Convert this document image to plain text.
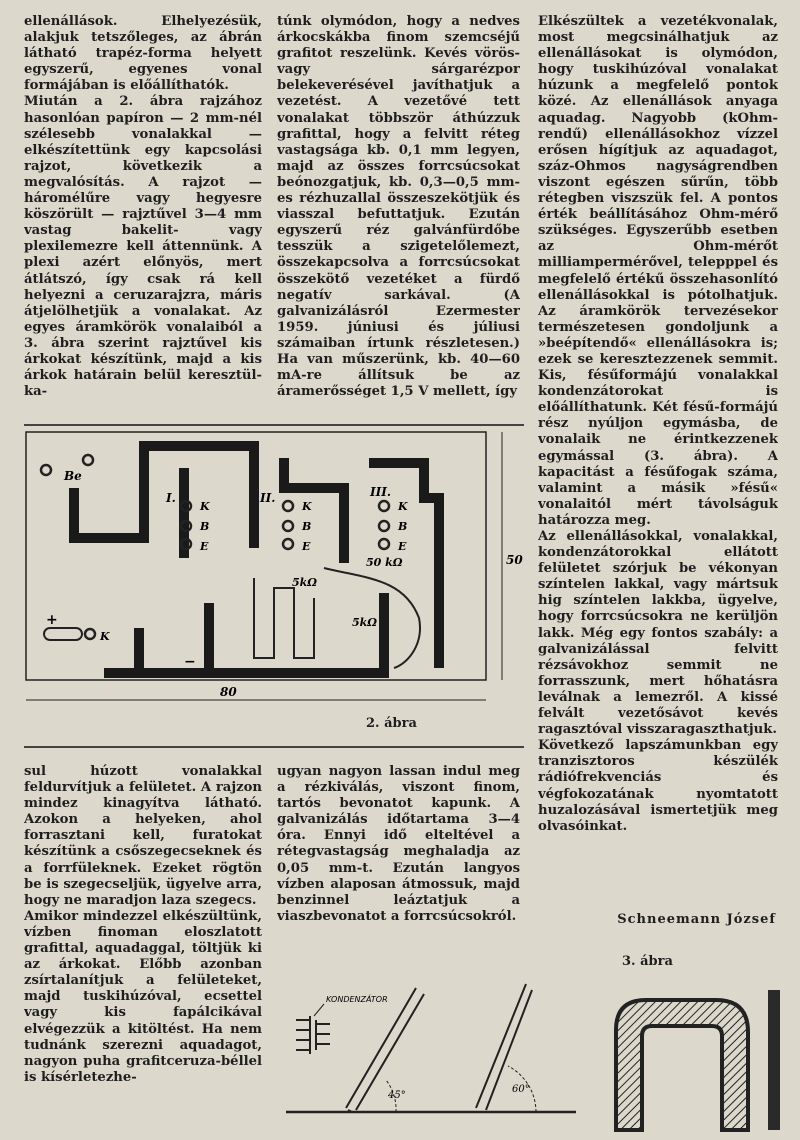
ellenállások. Elhelyezésük, alakjuk tetszőleges, az ábrán látható trapéz-forma helyett egyszerű, egyenes vonal formájában is előállíthatók.
Miután a 2. ábra rajzához hasonlóan papíron — 2 mm-nél szélesebb vonalakkal — elkészítettünk egy kapcsolási rajzot, következik a megvalósítás. A rajzot — háromélűre vagy hegyesre köszörült — rajztűvel 3—4 mm vastag bakelit- vagy plexilemezre kell áttennünk. A plexi azért előnyös, mert átlátszó, így csak rá kell helyezni a ceruzarajzra, máris átjelölhetjük a vonalakat. Az egyes áramkörök vonalaiból a 3. ábra szerint rajztűvel kis árkokat készítünk, majd a kis árkok határain belül keresztül-ka-
túnk olymódon, hogy a nedves árkocskákba finom szemcséjű grafitot reszelünk. Kevés vörös- vagy sárgarézpor belekeverésével javíthatjuk a vezetést. A vezetővé tett vonalakat többször áthúzzuk grafittal, hogy a felvitt réteg vastagsága kb. 0,1 mm legyen, majd az összes forrcsúcsokat beónozgatjuk, kb. 0,3—0,5 mm-es rézhuzallal összeszekötjük és viasszal befuttatjuk. Ezután egyszerű réz galvánfürdőbe tesszük a szigetelőlemezt, összekapcsolva a forrcsúcsokat összekötő vezetéket a fürdő negatív sarkával. (A galvanizálásról Ezermester 1959. júniusi és júliusi számaiban írtunk részletesen.) Ha van műszerünk, kb. 40—60 mA-re állítsuk be az áramerősséget 1,5 V mellett, így
Elkészültek a vezetékvonalak, most megcsinálhatjuk az ellenállásokat is olymódon, hogy tuskihúzóval vonalakat húzunk a megfelelő pontok közé. Az ellenállások anyaga aquadag. Nagyobb (kOhm-rendű) ellenállásokhoz vízzel erősen hígítjuk az aquadagot, száz-Ohmos nagyságrendben viszont egészen sűrűn, több rétegben viszszük fel. A pontos érték beállításához Ohm-mérő szükséges. Egyszerűbb esetben az Ohm-mérőt milliampermérővel, telepppel és megfelelő értékű összehasonlító ellenállásokkal is pótolhatjuk. Az áramkörök tervezésekor természetesen gondoljunk a »beépítendő« ellenállásokra is; ezek se keresztezzenek semmit. Kis, fésűformájú vonalakkal kondenzátorokat is előállíthatunk. Két fésű-formájú rész nyúljon egymásba, de vonalaik ne érintkezzenek egymással (3. ábra). A kapacitást a fésűfogak száma, valamint a másik »fésű« vonalaitól mért távolságuk határozza meg.
Az ellenállásokkal, vonalakkal, kondenzátorokkal ellátott felületet szórjuk be vékonyan színtelen lakkal, vagy mártsuk hig színtelen lakkba, ügyelve, hogy forrcsúcsokra ne kerüljön lakk. Még egy fontos szabály: a galvanizálással felvitt rézsávokhoz semmit ne forrasszunk, mert hőhatásra leválnak a lemezről. A kissé felvált vezetősávot kevés ragasztóval visszaragaszthatjuk.
Következő lapszámunkban egy tranzisztoros készülék rádiófrekvenciás és végfokozatának nyomtatott huzalozásával ismertetjük meg olvasóinkat.
80
50
Be
I.	II.	III.
K
B
E
K
B
E
K
B
E
5kΩ
5kΩ
50 kΩ
+
K
−
2. ábra
sul húzott vonalakkal feldurvítjuk a felületet. A rajzon mindez kinagyítva látható. Azokon a helyeken, ahol forrasztani kell, furatokat készítünk a csőszegecseknek és a forrfüleknek. Ezeket rögtön be is szegecseljük, ügyelve arra, hogy ne maradjon laza szegecs.
Amikor mindezzel elkészültünk, vízben finoman eloszlatott grafittal, aquadaggal, töltjük ki az árkokat. Előbb azonban zsírtalanítjuk a felületeket, majd tuskihúzóval, ecsettel vagy kis fapálcikával elvégezzük a kitöltést. Ha nem tudnánk szerezni aquadagot, nagyon puha grafitceruza-béllel is kísérletezhe-
ugyan nagyon lassan indul meg a rézkiválás, viszont finom, tartós bevonatot kapunk. A galvanizálás időtartama 3—4 óra. Ennyi idő elteltével a rétegvastagság meghaladja az 0,05 mm-t. Ezután langyos vízben alaposan átmossuk, majd benzinnel leáztatjuk a viaszbevonatot a forrcsúcsokról.	Schneemann József
3. ábra
KONDENZÁTOR
45°
60°
